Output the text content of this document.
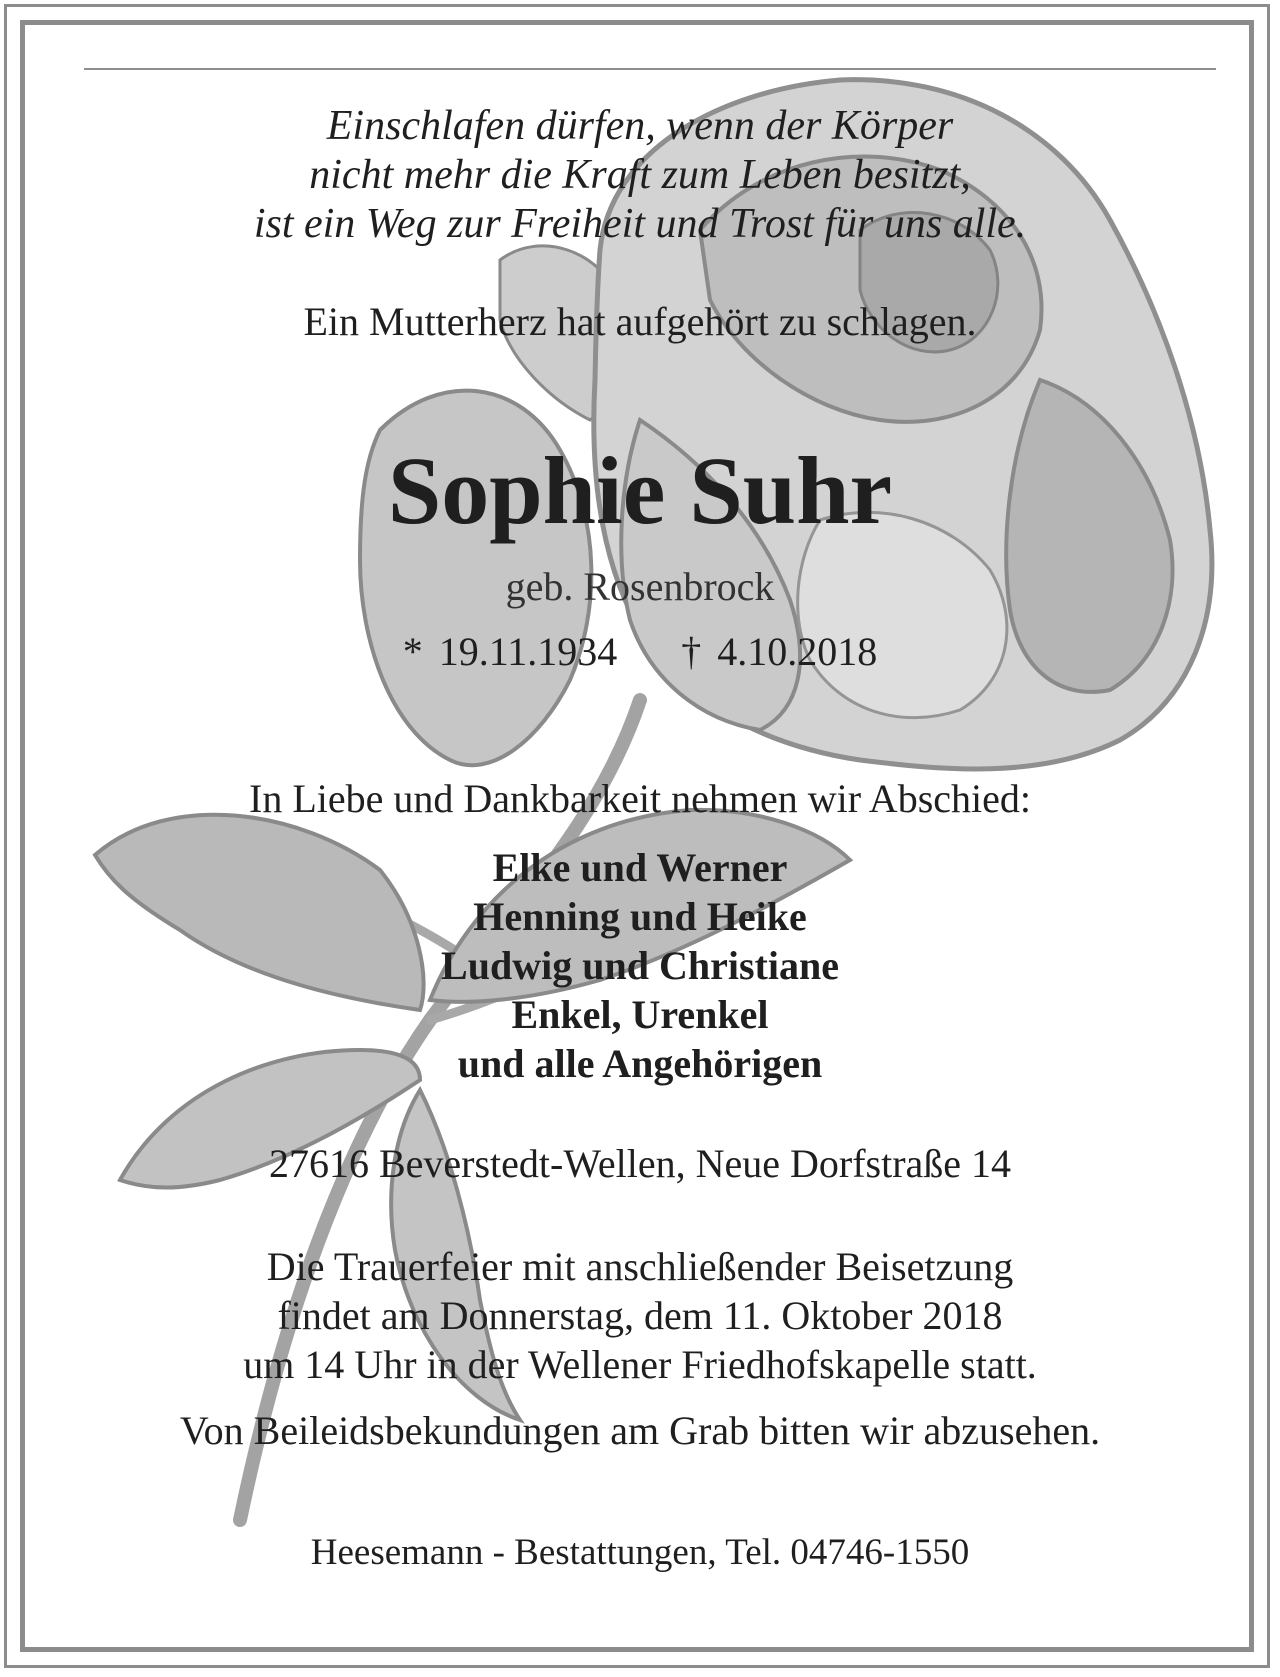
Einschlafen dürfen, wenn der Körper
nicht mehr die Kraft zum Leben besitzt,
ist ein Weg zur Freiheit und Trost für uns alle.
Ein Mutterherz hat aufgehört zu schlagen.
Sophie Suhr
geb. Rosenbrock
* 19.11.1934 † 4.10.2018
In Liebe und Dankbarkeit nehmen wir Abschied:
Elke und Werner
Henning und Heike
Ludwig und Christiane
Enkel, Urenkel
und alle Angehörigen
27616 Beverstedt-Wellen, Neue Dorfstraße 14
Die Trauerfeier mit anschließender Beisetzung
findet am Donnerstag, dem 11. Oktober 2018
um 14 Uhr in der Wellener Friedhofskapelle statt.
Von Beileidsbekundungen am Grab bitten wir abzusehen.
Heesemann - Bestattungen, Tel. 04746-1550
